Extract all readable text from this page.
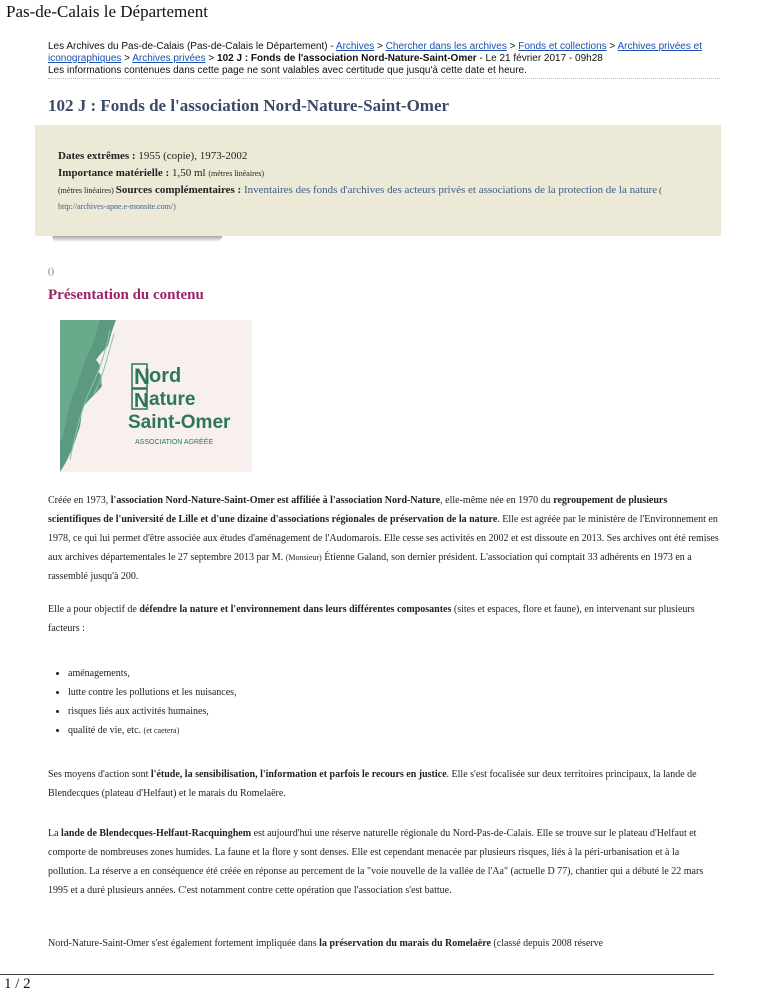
Pas-de-Calais le Département
Les Archives du Pas-de-Calais (Pas-de-Calais le Département) - Archives > Chercher dans les archives > Fonds et collections > Archives privées et iconographiques > Archives privées > 102 J : Fonds de l'association Nord-Nature-Saint-Omer - Le 21 février 2017 - 09h28
Les informations contenues dans cette page ne sont valables avec certitude que jusqu'à cette date et heure.
102 J : Fonds de l'association Nord-Nature-Saint-Omer
Dates extrêmes : 1955 (copie), 1973-2002
Importance matérielle : 1,50 ml (mètres linéaires)
(mètres linéaires) Sources complémentaires : Inventaires des fonds d'archives des acteurs privés et associations de la protection de la nature (
http://archives-apne.e-monsite.com/)
()
Présentation du contenu
N
N
ord
ature
Saint-Omer
ASSOCIATION AGRÉÉE
Créée en 1973, l'association Nord-Nature-Saint-Omer est affiliée à l'association Nord-Nature, elle-même née en 1970 du regroupement de plusieurs scientifiques de l'université de Lille et d'une dizaine d'associations régionales de préservation de la nature. Elle est agréée par le ministère de l'Environnement en 1978, ce qui lui permet d'être associée aux études d'aménagement de l'Audomarois. Elle cesse ses activités en 2002 et est dissoute en 2013. Ses archives ont été remises aux archives départementales le 27 septembre 2013 par M. (Monsieur) Étienne Galand, son dernier président. L'association qui comptait 33 adhérents en 1973 en a rassemblé jusqu'à 200.
Elle a pour objectif de défendre la nature et l'environnement dans leurs différentes composantes (sites et espaces, flore et faune), en intervenant sur plusieurs facteurs :
• aménagements,
• lutte contre les pollutions et les nuisances,
• risques liés aux activités humaines,
• qualité de vie, etc. (et caetera)
Ses moyens d'action sont l'étude, la sensibilisation, l'information et parfois le recours en justice. Elle s'est focalisée sur deux territoires principaux, la lande de Blendecques (plateau d'Helfaut) et le marais du Romelaëre.
La lande de Blendecques-Helfaut-Racquinghem est aujourd'hui une réserve naturelle régionale du Nord-Pas-de-Calais. Elle se trouve sur le plateau d'Helfaut et comporte de nombreuses zones humides. La faune et la flore y sont denses. Elle est cependant menacée par plusieurs risques, liés à la péri-urbanisation et à la pollution. La réserve a en conséquence été créée en réponse au percement de la "voie nouvelle de la vallée de l'Aa" (actuelle D 77), chantier qui a débuté le 22 mars 1995 et a duré plusieurs années. C'est notamment contre cette opération que l'association s'est battue.
Nord-Nature-Saint-Omer s'est également fortement impliquée dans la préservation du marais du Romelaëre (classé depuis 2008 réserve
1 / 2
